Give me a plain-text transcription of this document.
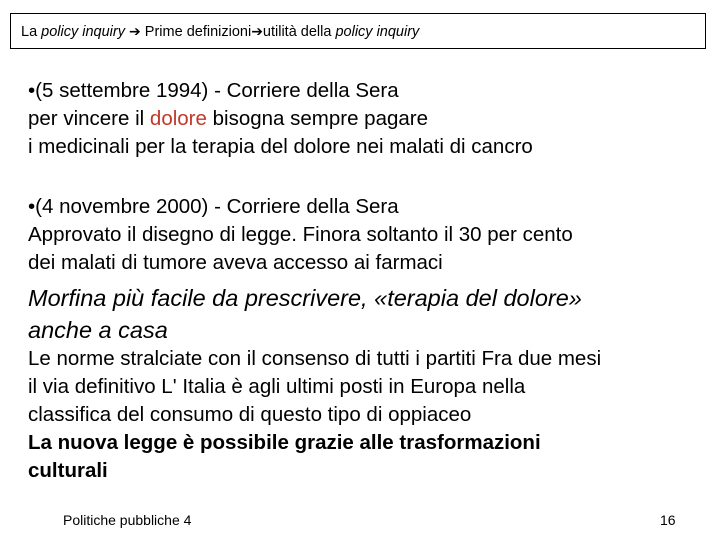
La policy inquiry ➔ Prime definizioni➔utilità della policy inquiry
•(5 settembre 1994) - Corriere della Sera
per vincere il dolore bisogna sempre pagare
i medicinali per la terapia del dolore nei malati di cancro
•(4 novembre 2000) - Corriere della Sera
Approvato il disegno di legge. Finora soltanto il 30 per cento
dei malati di tumore aveva accesso ai farmaci
Morfina più facile da prescrivere, «terapia del dolore»
anche a casa
Le norme stralciate con il consenso di tutti i partiti Fra due mesi
il via definitivo L' Italia è agli ultimi posti in Europa nella
classifica del consumo di questo tipo di oppiaceo
La nuova legge è possibile grazie alle trasformazioni
culturali
Politiche pubbliche 4	16
